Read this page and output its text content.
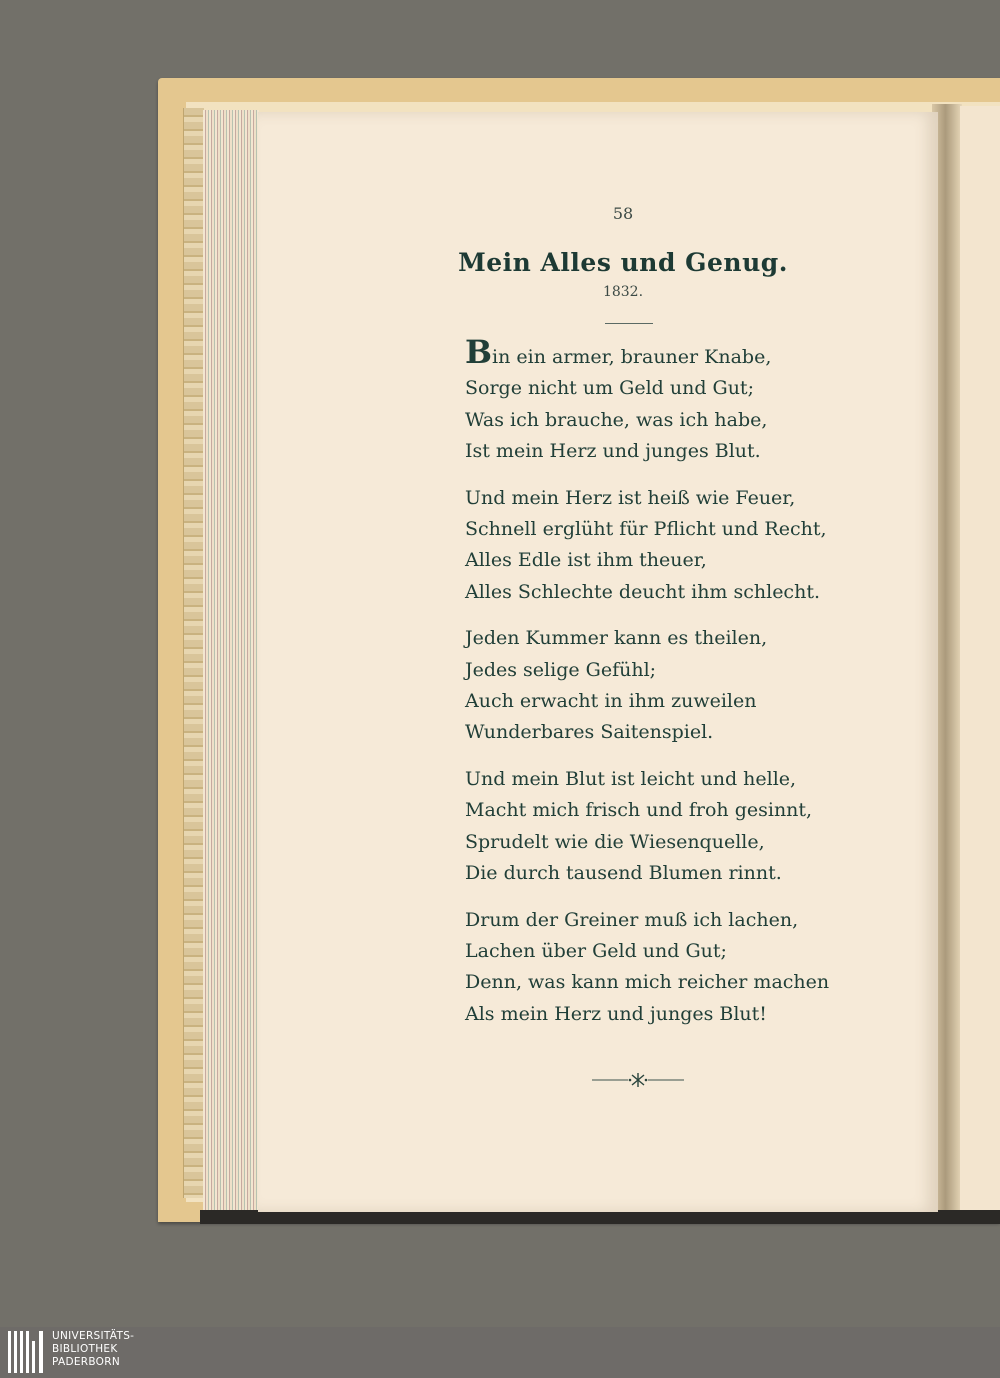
58
Mein Alles und Genug.
1832.
Bin ein armer, brauner Knabe,
Sorge nicht um Geld und Gut;
Was ich brauche, was ich habe,
Ist mein Herz und junges Blut.
Und mein Herz ist heiß wie Feuer,
Schnell erglüht für Pflicht und Recht,
Alles Edle ist ihm theuer,
Alles Schlechte deucht ihm schlecht.
Jeden Kummer kann es theilen,
Jedes selige Gefühl;
Auch erwacht in ihm zuweilen
Wunderbares Saitenspiel.
Und mein Blut ist leicht und helle,
Macht mich frisch und froh gesinnt,
Sprudelt wie die Wiesenquelle,
Die durch tausend Blumen rinnt.
Drum der Greiner muß ich lachen,
Lachen über Geld und Gut;
Denn, was kann mich reicher machen
Als mein Herz und junges Blut!
UNIVERSITÄTS-
BIBLIOTHEK
PADERBORN
